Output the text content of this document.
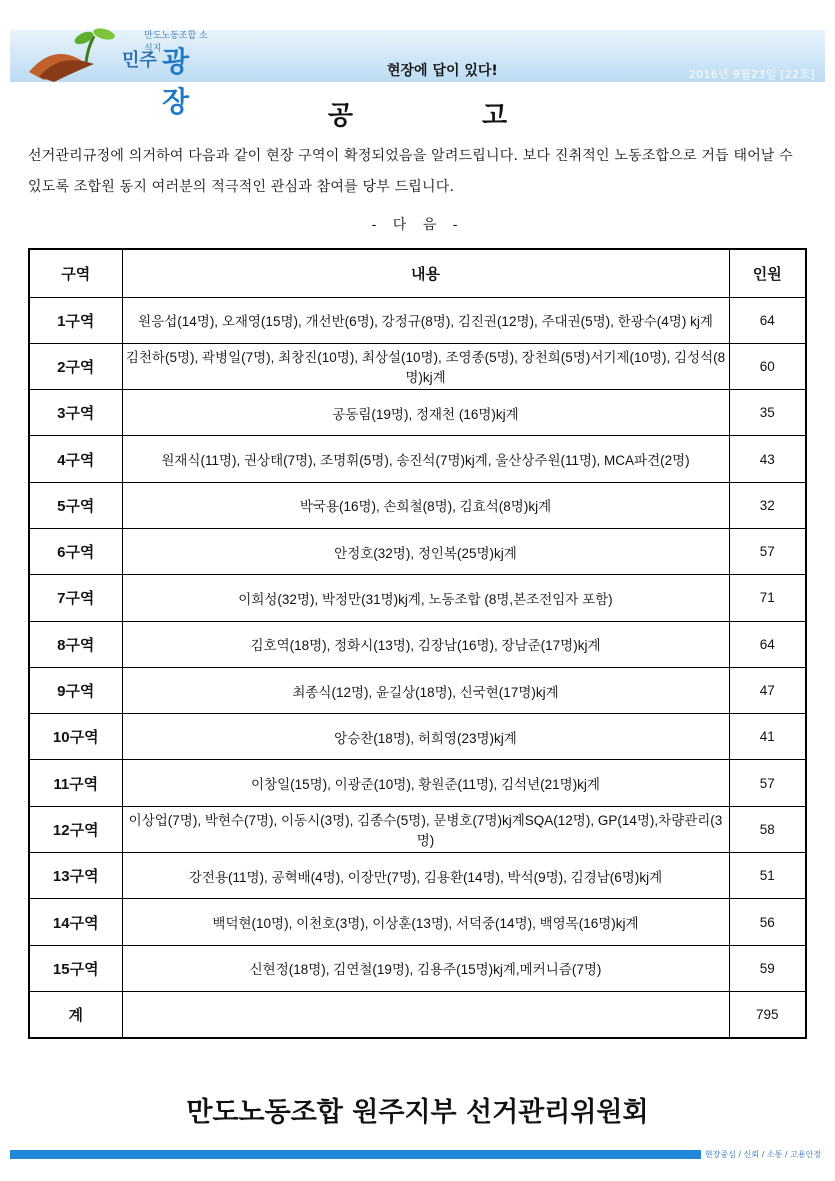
만도노동조합 소식지
민주 광장
현장에 답이 있다!	2016년 9월23일 [22호]
공 고

선거관리규정에 의거하여 다음과 같이 현장 구역이 확정되었음을 알려드립니다. 보다 진취적인 노동조합으로 거듭 태어날 수 있도록 조합원 동지 여러분의 적극적인 관심과 참여를 당부 드립니다.

- 다 음 -
구역	내용	인원
1구역	원응섭(14명), 오재영(15명), 개선반(6명), 강정규(8명), 김진권(12명), 주대권(5명), 한광수(4명) kj계	64
2구역	김천하(5명), 곽병일(7명), 최창진(10명), 최상설(10명), 조영종(5명), 장천희(5명)서기제(10명), 김성석(8명)kj계	60
3구역	공동림(19명), 정재천 (16명)kj계	35
4구역	원재식(11명), 권상태(7명), 조명휘(5명), 송진석(7명)kj계, 울산상주원(11명), MCA파견(2명)	43
5구역	박국용(16명), 손희철(8명), 김효석(8명)kj계	32
6구역	안정호(32명), 정인복(25명)kj계	57
7구역	이희성(32명), 박정만(31명)kj계, 노동조합 (8명,본조전임자 포함)	71
8구역	김호역(18명), 정화시(13명), 김장남(16명), 장남준(17명)kj계	64
9구역	최종식(12명), 윤길상(18명), 신국현(17명)kj계	47
10구역	앙승찬(18명), 허희영(23명)kj계	41
11구역	이창일(15명), 이광준(10명), 황원준(11명), 김석년(21명)kj계	57
12구역	이상업(7명), 박현수(7명), 이동시(3명), 김종수(5명), 문병호(7명)kj계SQA(12명), GP(14명),차량관리(3명)	58
13구역	강전용(11명), 공혁배(4명), 이장만(7명), 김용환(14명), 박석(9명), 김경남(6명)kj계	51
14구역	백덕현(10명), 이천호(3명), 이상훈(13명), 서덕중(14명), 백영목(16명)kj계	56
15구역	신현정(18명), 김연철(19명), 김용주(15명)kj계,메커니즘(7명)	59
계		795
만도노동조합 원주지부 선거관리위원회
현장중심 / 신뢰 / 소통 / 고용안정
